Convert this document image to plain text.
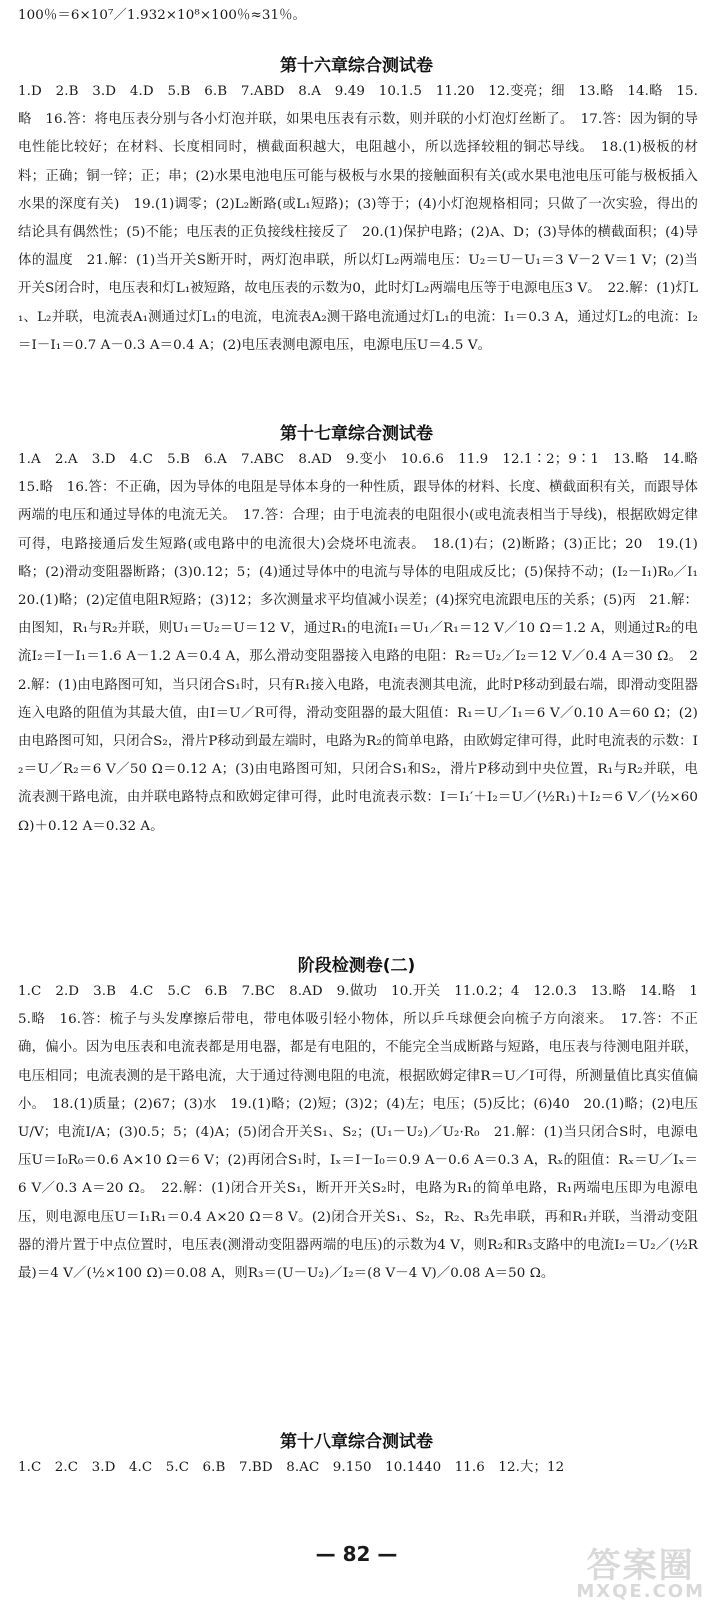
100％＝6×10⁷／1.932×10⁸×100％≈31％。
第十六章综合测试卷
1.D　2.B　3.D　4.D　5.B　6.B　7.ABD　8.A　9.49　10.1.5　11.20　12.变亮；细　13.略　14.略　15.略　16.答：将电压表分别与各小灯泡并联，如果电压表有示数，则并联的小灯泡灯丝断了。　17.答：因为铜的导电性能比较好；在材料、长度相同时，横截面积越大，电阻越小，所以选择较粗的铜芯导线。　18.(1)极板的材料；正确；铜一锌；正；串；(2)水果电池电压可能与极板与水果的接触面积有关(或水果电池电压可能与极板插入水果的深度有关)　19.(1)调零；(2)L₂断路(或L₁短路)；(3)等于；(4)小灯泡规格相同；只做了一次实验，得出的结论具有偶然性；(5)不能；电压表的正负接线柱接反了　20.(1)保护电路；(2)A、D；(3)导体的横截面积；(4)导体的温度　21.解：(1)当开关S断开时，两灯泡串联，所以灯L₂两端电压：U₂＝U－U₁＝3 V－2 V＝1 V；(2)当开关S闭合时，电压表和灯L₁被短路，故电压表的示数为0，此时灯L₂两端电压等于电源电压3 V。　22.解：(1)灯L₁、L₂并联，电流表A₁测通过灯L₁的电流，电流表A₂测干路电流通过灯L₁的电流：I₁＝0.3 A，通过灯L₂的电流：I₂＝I－I₁＝0.7 A－0.3 A＝0.4 A；(2)电压表测电源电压，电源电压U＝4.5 V。
第十七章综合测试卷
1.A　2.A　3.D　4.C　5.B　6.A　7.ABC　8.AD　9.变小　10.6.6　11.9　12.1∶2；9∶1　13.略　14.略　15.略　16.答：不正确，因为导体的电阻是导体本身的一种性质，跟导体的材料、长度、横截面积有关，而跟导体两端的电压和通过导体的电流无关。　17.答：合理；由于电流表的电阻很小(或电流表相当于导线)，根据欧姆定律可得，电路接通后发生短路(或电路中的电流很大)会烧坏电流表。　18.(1)右；(2)断路；(3)正比；20　19.(1)略；(2)滑动变阻器断路；(3)0.12；5；(4)通过导体中的电流与导体的电阻成反比；(5)保持不动；(I₂－I₁)R₀／I₁　20.(1)略；(2)定值电阻R短路；(3)12；多次测量求平均值减小误差；(4)探究电流跟电压的关系；(5)丙　21.解：由图知，R₁与R₂并联，则U₁＝U₂＝U＝12 V，通过R₁的电流I₁＝U₁／R₁＝12 V／10 Ω＝1.2 A，则通过R₂的电流I₂＝I－I₁＝1.6 A－1.2 A＝0.4 A，那么滑动变阻器接入电路的电阻：R₂＝U₂／I₂＝12 V／0.4 A＝30 Ω。　22.解：(1)由电路图可知，当只闭合S₁时，只有R₁接入电路，电流表测其电流，此时P移动到最右端，即滑动变阻器连入电路的阻值为其最大值，由I＝U／R可得，滑动变阻器的最大阻值：R₁＝U／I₁＝6 V／0.10 A＝60 Ω；(2)由电路图可知，只闭合S₂，滑片P移动到最左端时，电路为R₂的简单电路，由欧姆定律可得，此时电流表的示数：I₂＝U／R₂＝6 V／50 Ω＝0.12 A；(3)由电路图可知，只闭合S₁和S₂，滑片P移动到中央位置，R₁与R₂并联，电流表测干路电流，由并联电路特点和欧姆定律可得，此时电流表示数：I＝I₁′＋I₂＝U／(½R₁)＋I₂＝6 V／(½×60 Ω)＋0.12 A＝0.32 A。
阶段检测卷(二)
1.C　2.D　3.B　4.C　5.C　6.B　7.BC　8.AD　9.做功　10.开关　11.0.2；4　12.0.3　13.略　14.略　15.略　16.答：梳子与头发摩擦后带电，带电体吸引轻小物体，所以乒乓球便会向梳子方向滚来。　17.答：不正确，偏小。因为电压表和电流表都是用电器，都是有电阻的，不能完全当成断路与短路，电压表与待测电阻并联，电压相同；电流表测的是干路电流，大于通过待测电阻的电流，根据欧姆定律R＝U／I可得，所测量值比真实值偏小。　18.(1)质量；(2)67；(3)水　19.(1)略；(2)短；(3)2；(4)左；电压；(5)反比；(6)40　20.(1)略；(2)电压U/V；电流I/A；(3)0.5；5；(4)A；(5)闭合开关S₁、S₂；(U₁－U₂)／U₂·R₀　21.解：(1)当只闭合S时，电源电压U＝I₀R₀＝0.6 A×10 Ω＝6 V；(2)再闭合S₁时，Iₓ＝I－I₀＝0.9 A－0.6 A＝0.3 A，Rₓ的阻值：Rₓ＝U／Iₓ＝6 V／0.3 A＝20 Ω。　22.解：(1)闭合开关S₁，断开开关S₂时，电路为R₁的简单电路，R₁两端电压即为电源电压，则电源电压U＝I₁R₁＝0.4 A×20 Ω＝8 V。(2)闭合开关S₁、S₂，R₂、R₃先串联，再和R₁并联，当滑动变阻器的滑片置于中点位置时，电压表(测滑动变阻器两端的电压)的示数为4 V，则R₂和R₃支路中的电流I₂＝U₂／(½R最)＝4 V／(½×100 Ω)＝0.08 A，则R₃＝(U－U₂)／I₂＝(8 V－4 V)／0.08 A＝50 Ω。
第十八章综合测试卷
1.C　2.C　3.D　4.C　5.C　6.B　7.BD　8.AC　9.150　10.1440　11.6　12.大；12
— 82 —	答案圈
MXQE.COM
